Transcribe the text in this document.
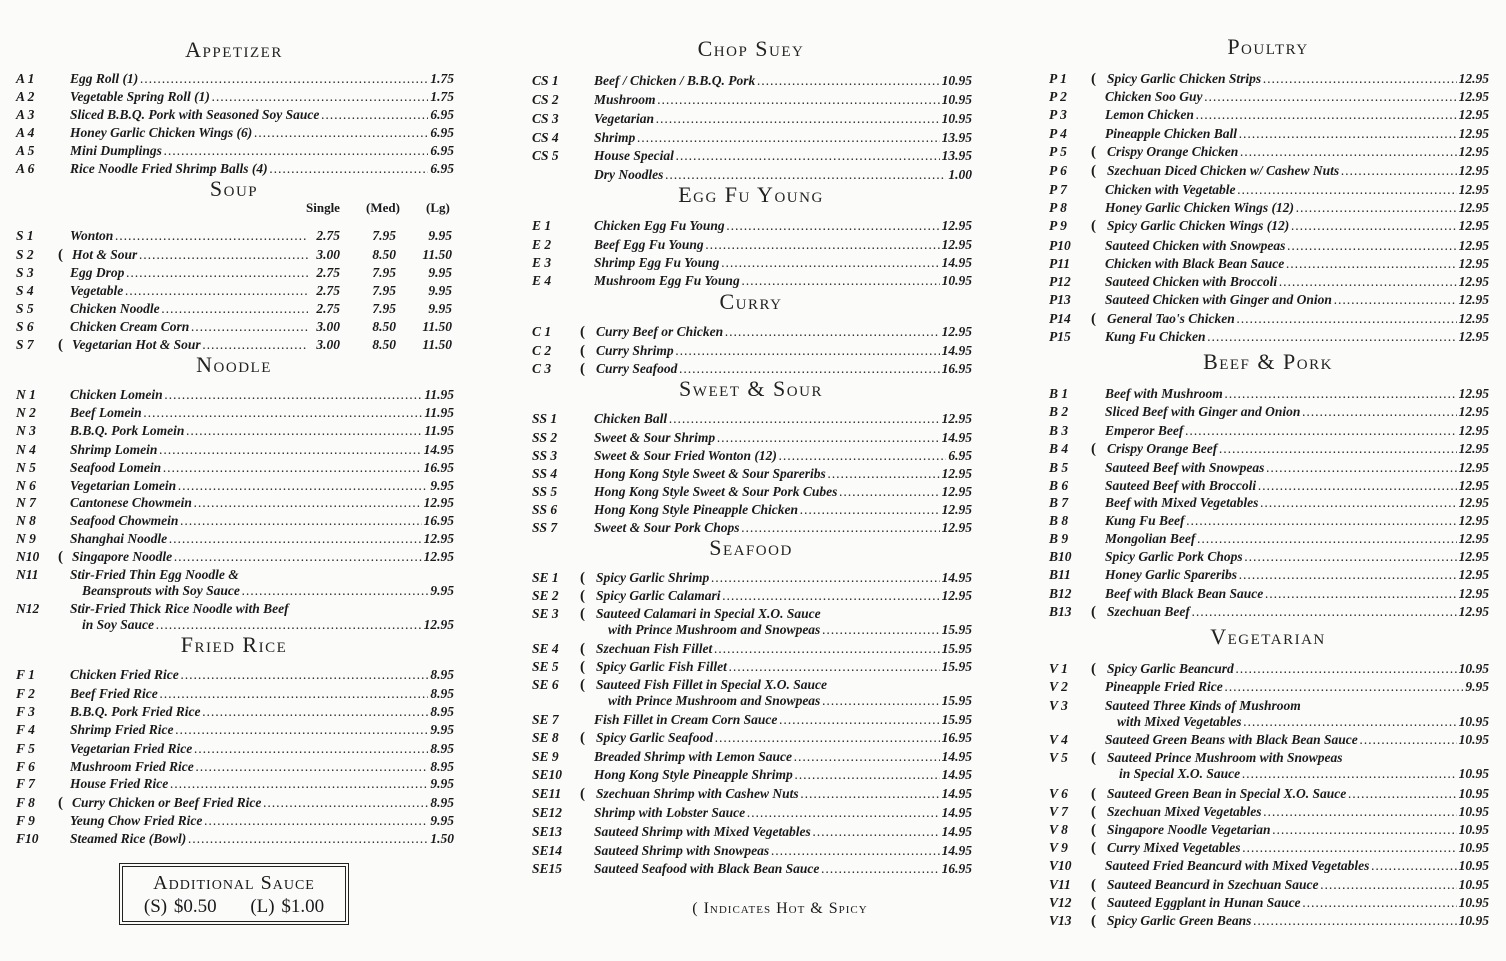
Appetizer
A 1	Egg Roll (1) .....	1.75
A 2	Vegetable Spring Roll (1) .....	1.75
A 3	Sliced B.B.Q. Pork with Seasoned Soy Sauce .....	6.95
A 4	Honey Garlic Chicken Wings (6) .....	6.95
A 5	Mini Dumplings .....	6.95
A 6	Rice Noodle Fried Shrimp Balls (4) .....	6.95
Soup
Single (Med) (Lg)
S 1	Wonton .....	2.75	7.95	9.95
S 2	( Hot & Sour .....	3.00	8.50	11.50
S 3	Egg Drop .....	2.75	7.95	9.95
S 4	Vegetable .....	2.75	7.95	9.95
S 5	Chicken Noodle .....	2.75	7.95	9.95
S 6	Chicken Cream Corn .....	3.00	8.50	11.50
S 7	( Vegetarian Hot & Sour .....	3.00	8.50	11.50
Noodle
N 1	Chicken Lomein .....	11.95
N 2	Beef Lomein .....	11.95
N 3	B.B.Q. Pork Lomein .....	11.95
N 4	Shrimp Lomein .....	14.95
N 5	Seafood Lomein .....	16.95
N 6	Vegetarian Lomein .....	9.95
N 7	Cantonese Chowmein .....	12.95
N 8	Seafood Chowmein .....	16.95
N 9	Shanghai Noodle .....	12.95
N10	( Singapore Noodle .....	12.95
N11	Stir-Fried Thin Egg Noodle &
Beansprouts with Soy Sauce .....	9.95
N12	Stir-Fried Thick Rice Noodle with Beef
in Soy Sauce .....	12.95
Fried Rice
F 1	Chicken Fried Rice .....	8.95
F 2	Beef Fried Rice .....	8.95
F 3	B.B.Q. Pork Fried Rice .....	8.95
F 4	Shrimp Fried Rice .....	9.95
F 5	Vegetarian Fried Rice .....	8.95
F 6	Mushroom Fried Rice .....	8.95
F 7	House Fried Rice .....	9.95
F 8	( Curry Chicken or Beef Fried Rice .....	8.95
F 9	Yeung Chow Fried Rice .....	9.95
F10	Steamed Rice (Bowl) .....	1.50
Chop Suey
CS 1	Beef / Chicken / B.B.Q. Pork .....	10.95
CS 2	Mushroom .....	10.95
CS 3	Vegetarian .....	10.95
CS 4	Shrimp .....	13.95
CS 5	House Special .....	13.95
Dry Noodles .....	1.00
Egg Fu Young
E 1	Chicken Egg Fu Young .....	12.95
E 2	Beef Egg Fu Young .....	12.95
E 3	Shrimp Egg Fu Young .....	14.95
E 4	Mushroom Egg Fu Young .....	10.95
Curry
C 1	( Curry Beef or Chicken .....	12.95
C 2	( Curry Shrimp .....	14.95
C 3	( Curry Seafood .....	16.95
Sweet & Sour
SS 1	Chicken Ball .....	12.95
SS 2	Sweet & Sour Shrimp .....	14.95
SS 3	Sweet & Sour Fried Wonton (12) .....	6.95
SS 4	Hong Kong Style Sweet & Sour Spareribs .....	12.95
SS 5	Hong Kong Style Sweet & Sour Pork Cubes .....	12.95
SS 6	Hong Kong Style Pineapple Chicken .....	12.95
SS 7	Sweet & Sour Pork Chops .....	12.95
Seafood
SE 1	( Spicy Garlic Shrimp .....	14.95
SE 2	( Spicy Garlic Calamari .....	12.95
SE 3	( Sauteed Calamari in Special X.O. Sauce
with Prince Mushroom and Snowpeas .....	15.95
SE 4	( Szechuan Fish Fillet .....	15.95
SE 5	( Spicy Garlic Fish Fillet .....	15.95
SE 6	( Sauteed Fish Fillet in Special X.O. Sauce
with Prince Mushroom and Snowpeas .....	15.95
SE 7	Fish Fillet in Cream Corn Sauce .....	15.95
SE 8	( Spicy Garlic Seafood .....	16.95
SE 9	Breaded Shrimp with Lemon Sauce .....	14.95
SE10	Hong Kong Style Pineapple Shrimp .....	14.95
SE11	( Szechuan Shrimp with Cashew Nuts .....	14.95
SE12	Shrimp with Lobster Sauce .....	14.95
SE13	Sauteed Shrimp with Mixed Vegetables .....	14.95
SE14	Sauteed Shrimp with Snowpeas .....	14.95
SE15	Sauteed Seafood with Black Bean Sauce .....	16.95
Poultry
P 1	( Spicy Garlic Chicken Strips .....	12.95
P 2	Chicken Soo Guy .....	12.95
P 3	Lemon Chicken .....	12.95
P 4	Pineapple Chicken Ball .....	12.95
P 5	( Crispy Orange Chicken .....	12.95
P 6	( Szechuan Diced Chicken w/ Cashew Nuts .....	12.95
P 7	Chicken with Vegetable .....	12.95
P 8	Honey Garlic Chicken Wings (12) .....	12.95
P 9	( Spicy Garlic Chicken Wings (12) .....	12.95
P10	Sauteed Chicken with Snowpeas .....	12.95
P11	Chicken with Black Bean Sauce .....	12.95
P12	Sauteed Chicken with Broccoli .....	12.95
P13	Sauteed Chicken with Ginger and Onion .....	12.95
P14	( General Tao's Chicken .....	12.95
P15	Kung Fu Chicken .....	12.95
Beef & Pork
B 1	Beef with Mushroom .....	12.95
B 2	Sliced Beef with Ginger and Onion .....	12.95
B 3	Emperor Beef .....	12.95
B 4	( Crispy Orange Beef .....	12.95
B 5	Sauteed Beef with Snowpeas .....	12.95
B 6	Sauteed Beef with Broccoli .....	12.95
B 7	Beef with Mixed Vegetables .....	12.95
B 8	Kung Fu Beef .....	12.95
B 9	Mongolian Beef .....	12.95
B10	Spicy Garlic Pork Chops .....	12.95
B11	Honey Garlic Spareribs .....	12.95
B12	Beef with Black Bean Sauce .....	12.95
B13	( Szechuan Beef .....	12.95
Vegetarian
V 1	( Spicy Garlic Beancurd .....	10.95
V 2	Pineapple Fried Rice .....	9.95
V 3	Sauteed Three Kinds of Mushroom
with Mixed Vegetables .....	10.95
V 4	Sauteed Green Beans with Black Bean Sauce .....	10.95
V 5	( Sauteed Prince Mushroom with Snowpeas
in Special X.O. Sauce .....	10.95
V 6	( Sauteed Green Bean in Special X.O. Sauce .....	10.95
V 7	( Szechuan Mixed Vegetables .....	10.95
V 8	( Singapore Noodle Vegetarian .....	10.95
V 9	( Curry Mixed Vegetables .....	10.95
V10	Sauteed Fried Beancurd with Mixed Vegetables .....	10.95
V11	( Sauteed Beancurd in Szechuan Sauce .....	10.95
V12	( Sauteed Eggplant in Hunan Sauce .....	10.95
V13	( Spicy Garlic Green Beans .....	10.95
Additional Sauce
(S) $0.50 (L) $1.00	( Indicates Hot & Spicy
